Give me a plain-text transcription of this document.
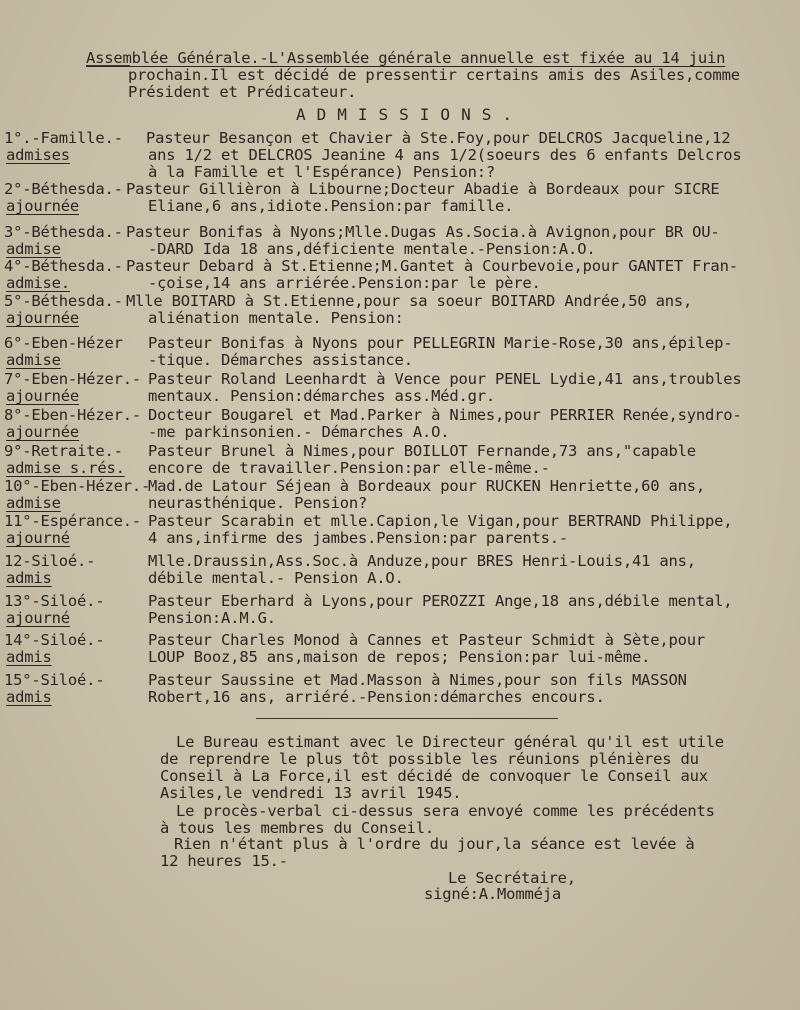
Assemblée Générale.-L'Assemblée générale annuelle est fixée au 14 juin
prochain.Il est décidé de pressentir certains amis des Asiles,comme
Président et Prédicateur.
ADMISSIONS.
1°.-Famille.-
admises
Pasteur Besançon et Chavier à Ste.Foy,pour DELCROS Jacqueline,12
ans 1/2 et DELCROS Jeanine 4 ans 1/2(soeurs des 6 enfants Delcros
à la Famille et l'Espérance) Pension:?
2°-Béthesda.-
ajournée
Pasteur Gillièron à Libourne;Docteur Abadie à Bordeaux pour SICRE
Eliane,6 ans,idiote.Pension:par famille.
3°-Béthesda.-
admise
Pasteur Bonifas à Nyons;Mlle.Dugas As.Socia.à Avignon,pour BR OU-
-DARD Ida 18 ans,déficiente mentale.-Pension:A.O.
4°-Béthesda.-
admise.
Pasteur Debard à St.Etienne;M.Gantet à Courbevoie,pour GANTET Fran-
-çoise,14 ans arriérée.Pension:par le père.
5°-Béthesda.-
ajournée
Mlle BOITARD à St.Etienne,pour sa soeur BOITARD Andrée,50 ans,
aliénation mentale. Pension:
6°-Eben-Hézer
admise
Pasteur Bonifas à Nyons pour PELLEGRIN Marie-Rose,30 ans,épilep-
-tique. Démarches assistance.
7°-Eben-Hézer.-
ajournée
Pasteur Roland Leenhardt à Vence pour PENEL Lydie,41 ans,troubles
mentaux. Pension:démarches ass.Méd.gr.
8°-Eben-Hézer.-
ajournée
Docteur Bougarel et Mad.Parker à Nimes,pour PERRIER Renée,syndro-
-me parkinsonien.- Démarches A.O.
9°-Retraite.-
admise s.rés.
Pasteur Brunel à Nimes,pour BOILLOT Fernande,73 ans,"capable
encore de travailler.Pension:par elle-même.-
10°-Eben-Hézer.-
admise
Mad.de Latour Séjean à Bordeaux pour RUCKEN Henriette,60 ans,
neurasthénique. Pension?
11°-Espérance.-
ajourné
Pasteur Scarabin et mlle.Capion,le Vigan,pour BERTRAND Philippe,
4 ans,infirme des jambes.Pension:par parents.-
12-Siloé.-
admis
Mlle.Draussin,Ass.Soc.à Anduze,pour BRES Henri-Louis,41 ans,
débile mental.- Pension A.O.
13°-Siloé.-
ajourné
Pasteur Eberhard à Lyons,pour PEROZZI Ange,18 ans,débile mental,
Pension:A.M.G.
14°-Siloé.-
admis
Pasteur Charles Monod à Cannes et Pasteur Schmidt à Sète,pour
LOUP Booz,85 ans,maison de repos; Pension:par lui-même.
15°-Siloé.-
admis
Pasteur Saussine et Mad.Masson à Nimes,pour son fils MASSON
Robert,16 ans, arriéré.-Pension:démarches encours.
Le Bureau estimant avec le Directeur général qu'il est utile
de reprendre le plus tôt possible les réunions plénières du
Conseil à La Force,il est décidé de convoquer le Conseil aux
Asiles,le vendredi 13 avril 1945.
Le procès-verbal ci-dessus sera envoyé comme les précédents
à tous les membres du Conseil.
Rien n'étant plus à l'ordre du jour,la séance est levée à
12 heures 15.-
Le Secrétaire,
signé:A.Momméja
